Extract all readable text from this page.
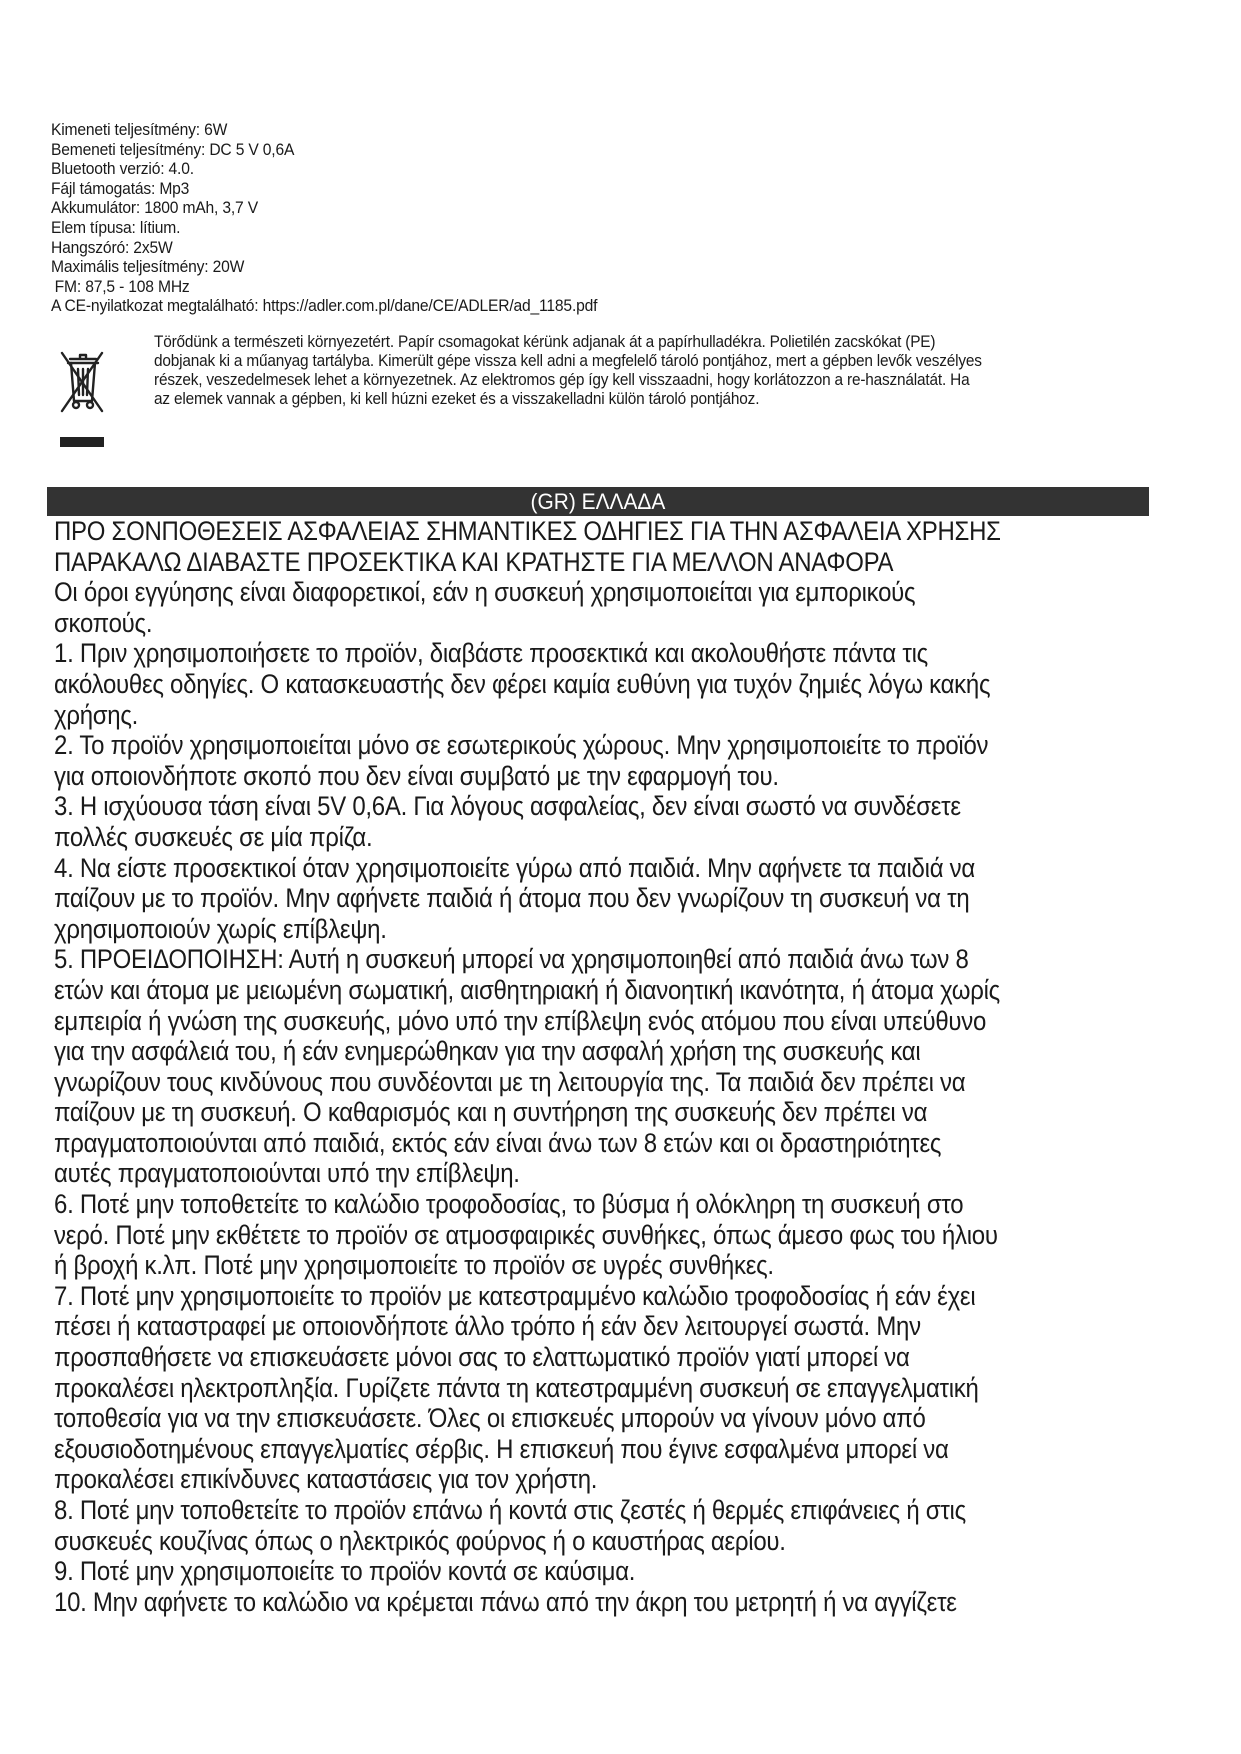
Kimeneti teljesítmény: 6W
Bemeneti teljesítmény: DC 5 V 0,6A
Bluetooth verzió: 4.0.
Fájl támogatás: Mp3
Akkumulátor: 1800 mAh, 3,7 V
Elem típusa: lítium.
Hangszóró: 2x5W
Maximális teljesítmény: 20W
FM: 87,5 - 108 MHz
A CE-nyilatkozat megtalálható: https://adler.com.pl/dane/CE/ADLER/ad_1185.pdf
Törődünk a természeti környezetért. Papír csomagokat kérünk adjanak át a papírhulladékra. Polietilén zacskókat (PE)
dobjanak ki a műanyag tartályba. Kimerült gépe vissza kell adni a megfelelő tároló pontjához, mert a gépben levők veszélyes
részek, veszedelmesek lehet a környezetnek. Az elektromos gép így kell visszaadni, hogy korlátozzon a re-használatát. Ha
az elemek vannak a gépben, ki kell húzni ezeket és a visszakelladni külön tároló pontjához.
(GR) ΕΛΛΑΔΑ
ΠΡΟ ΣΟΝΠΟΘΕΣΕΙΣ ΑΣΦΑΛΕΙΑΣ ΣΗΜΑΝΤΙΚΕΣ ΟΔΗΓΙΕΣ ΓΙΑ ΤΗΝ ΑΣΦΑΛΕΙΑ ΧΡΗΣΗΣ
ΠΑΡΑΚΑΛΩ ΔΙΑΒΑΣΤΕ ΠΡΟΣΕΚΤΙΚΑ ΚΑΙ ΚΡΑΤΗΣΤΕ ΓΙΑ ΜΕΛΛΟΝ ΑΝΑΦΟΡΑ
Οι όροι εγγύησης είναι διαφορετικοί, εάν η συσκευή χρησιμοποιείται για εμπορικούς
σκοπούς.
1. Πριν χρησιμοποιήσετε το προϊόν, διαβάστε προσεκτικά και ακολουθήστε πάντα τις
ακόλουθες οδηγίες. Ο κατασκευαστής δεν φέρει καμία ευθύνη για τυχόν ζημιές λόγω κακής
χρήσης.
2. Το προϊόν χρησιμοποιείται μόνο σε εσωτερικούς χώρους. Μην χρησιμοποιείτε το προϊόν
για οποιονδήποτε σκοπό που δεν είναι συμβατό με την εφαρμογή του.
3. Η ισχύουσα τάση είναι 5V 0,6A. Για λόγους ασφαλείας, δεν είναι σωστό να συνδέσετε
πολλές συσκευές σε μία πρίζα.
4. Να είστε προσεκτικοί όταν χρησιμοποιείτε γύρω από παιδιά. Μην αφήνετε τα παιδιά να
παίζουν με το προϊόν. Μην αφήνετε παιδιά ή άτομα που δεν γνωρίζουν τη συσκευή να τη
χρησιμοποιούν χωρίς επίβλεψη.
5. ΠΡΟΕΙΔΟΠΟΙΗΣΗ: Αυτή η συσκευή μπορεί να χρησιμοποιηθεί από παιδιά άνω των 8
ετών και άτομα με μειωμένη σωματική, αισθητηριακή ή διανοητική ικανότητα, ή άτομα χωρίς
εμπειρία ή γνώση της συσκευής, μόνο υπό την επίβλεψη ενός ατόμου που είναι υπεύθυνο
για την ασφάλειά του, ή εάν ενημερώθηκαν για την ασφαλή χρήση της συσκευής και
γνωρίζουν τους κινδύνους που συνδέονται με τη λειτουργία της. Τα παιδιά δεν πρέπει να
παίζουν με τη συσκευή. Ο καθαρισμός και η συντήρηση της συσκευής δεν πρέπει να
πραγματοποιούνται από παιδιά, εκτός εάν είναι άνω των 8 ετών και οι δραστηριότητες
αυτές πραγματοποιούνται υπό την επίβλεψη.
6. Ποτέ μην τοποθετείτε το καλώδιο τροφοδοσίας, το βύσμα ή ολόκληρη τη συσκευή στο
νερό. Ποτέ μην εκθέτετε το προϊόν σε ατμοσφαιρικές συνθήκες, όπως άμεσο φως του ήλιου
ή βροχή κ.λπ. Ποτέ μην χρησιμοποιείτε το προϊόν σε υγρές συνθήκες.
7. Ποτέ μην χρησιμοποιείτε το προϊόν με κατεστραμμένο καλώδιο τροφοδοσίας ή εάν έχει
πέσει ή καταστραφεί με οποιονδήποτε άλλο τρόπο ή εάν δεν λειτουργεί σωστά. Μην
προσπαθήσετε να επισκευάσετε μόνοι σας το ελαττωματικό προϊόν γιατί μπορεί να
προκαλέσει ηλεκτροπληξία. Γυρίζετε πάντα τη κατεστραμμένη συσκευή σε επαγγελματική
τοποθεσία για να την επισκευάσετε. Όλες οι επισκευές μπορούν να γίνουν μόνο από
εξουσιοδοτημένους επαγγελματίες σέρβις. Η επισκευή που έγινε εσφαλμένα μπορεί να
προκαλέσει επικίνδυνες καταστάσεις για τον χρήστη.
8. Ποτέ μην τοποθετείτε το προϊόν επάνω ή κοντά στις ζεστές ή θερμές επιφάνειες ή στις
συσκευές κουζίνας όπως ο ηλεκτρικός φούρνος ή ο καυστήρας αερίου.
9. Ποτέ μην χρησιμοποιείτε το προϊόν κοντά σε καύσιμα.
10. Μην αφήνετε το καλώδιο να κρέμεται πάνω από την άκρη του μετρητή ή να αγγίζετε
